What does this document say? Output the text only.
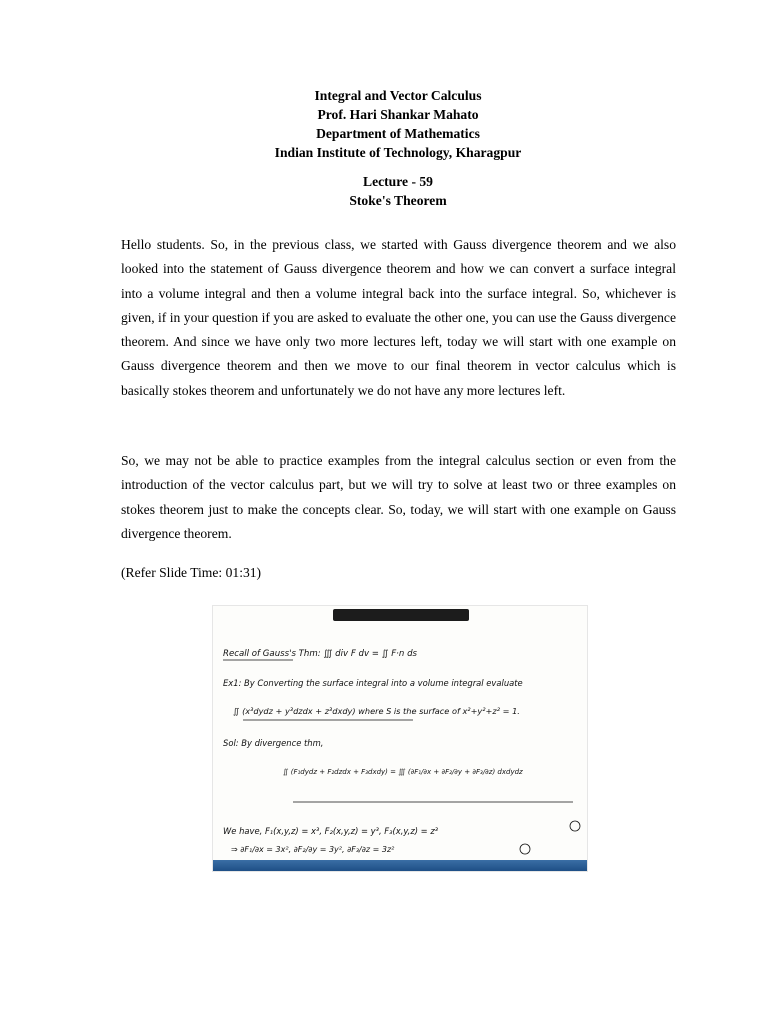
Integral and Vector Calculus
Prof. Hari Shankar Mahato
Department of Mathematics
Indian Institute of Technology, Kharagpur
Lecture - 59
Stoke's Theorem

Hello students. So, in the previous class, we started with Gauss divergence theorem and we also looked into the statement of Gauss divergence theorem and how we can convert a surface integral into a volume integral and then a volume integral back into the surface integral. So, whichever is given, if in your question if you are asked to evaluate the other one, you can use the Gauss divergence theorem. And since we have only two more lectures left, today we will start with one example on Gauss divergence theorem and then we move to our final theorem in vector calculus which is basically stokes theorem and unfortunately we do not have any more lectures left.

So, we may not be able to practice examples from the integral calculus section or even from the introduction of the vector calculus part, but we will try to solve at least two or three examples on stokes theorem just to make the concepts clear. So, today, we will start with one example on Gauss divergence theorem.

(Refer Slide Time: 01:31)
Recall of Gauss's Thm: ∭ div F dv = ∬ F·n ds
Ex1: By Converting the surface integral into a volume integral evaluate
∬ (x³dydz + y³dzdx + z³dxdy) where S is the surface of x²+y²+z² = 1.
Sol: By divergence thm,
∬ (F₁dydz + F₂dzdx + F₃dxdy) = ∭ (∂F₁/∂x + ∂F₂/∂y + ∂F₃/∂z) dxdydz
We have, F₁(x,y,z) = x³, F₂(x,y,z) = y³, F₃(x,y,z) = z³
⇒ ∂F₁/∂x = 3x², ∂F₂/∂y = 3y², ∂F₃/∂z = 3z²
